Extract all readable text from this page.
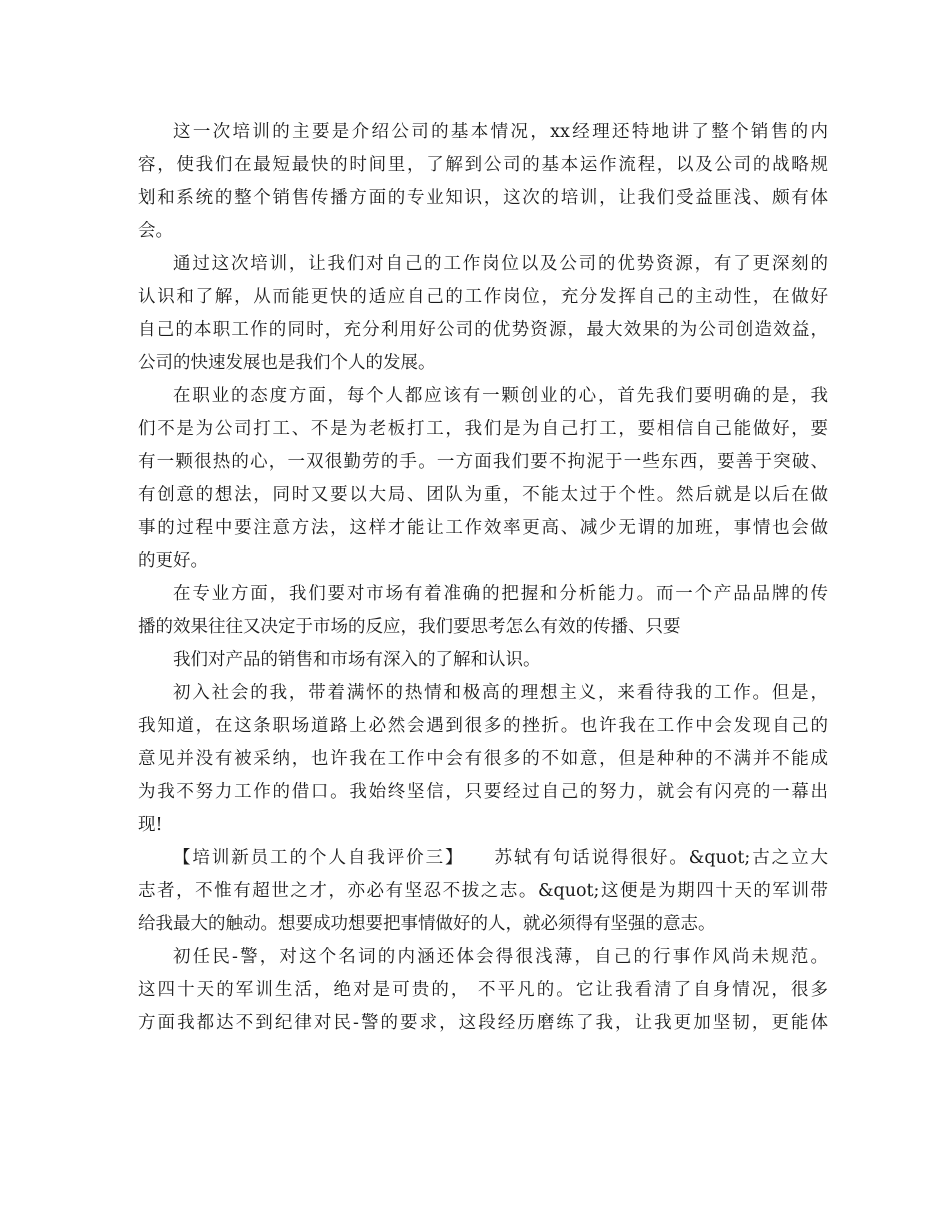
这一次培训的主要是介绍公司的基本情况，xx经理还特地讲了整个销售的内
容，使我们在最短最快的时间里，了解到公司的基本运作流程，以及公司的战略规
划和系统的整个销售传播方面的专业知识，这次的培训，让我们受益匪浅、颇有体
会。
通过这次培训，让我们对自己的工作岗位以及公司的优势资源，有了更深刻的
认识和了解，从而能更快的适应自己的工作岗位，充分发挥自己的主动性，在做好
自己的本职工作的同时，充分利用好公司的优势资源，最大效果的为公司创造效益，
公司的快速发展也是我们个人的发展。
在职业的态度方面，每个人都应该有一颗创业的心，首先我们要明确的是，我
们不是为公司打工、不是为老板打工，我们是为自己打工，要相信自己能做好，要
有一颗很热的心，一双很勤劳的手。一方面我们要不拘泥于一些东西，要善于突破、
有创意的想法，同时又要以大局、团队为重，不能太过于个性。然后就是以后在做
事的过程中要注意方法，这样才能让工作效率更高、减少无谓的加班，事情也会做
的更好。
在专业方面，我们要对市场有着准确的把握和分析能力。而一个产品品牌的传
播的效果往往又决定于市场的反应，我们要思考怎么有效的传播、只要
我们对产品的销售和市场有深入的了解和认识。
初入社会的我，带着满怀的热情和极高的理想主义，来看待我的工作。但是，
我知道，在这条职场道路上必然会遇到很多的挫折。也许我在工作中会发现自己的
意见并没有被采纳，也许我在工作中会有很多的不如意，但是种种的不满并不能成
为我不努力工作的借口。我始终坚信，只要经过自己的努力，就会有闪亮的一幕出
现!
【培训新员工的个人自我评价三】    苏轼有句话说得很好。&quot;古之立大
志者，不惟有超世之才，亦必有坚忍不拔之志。&quot;这便是为期四十天的军训带
给我最大的触动。想要成功想要把事情做好的人，就必须得有坚强的意志。
初任民-警，对这个名词的内涵还体会得很浅薄，自己的行事作风尚未规范。
这四十天的军训生活，绝对是可贵的， 不平凡的。它让我看清了自身情况，很多
方面我都达不到纪律对民-警的要求，这段经历磨练了我，让我更加坚韧，更能体
